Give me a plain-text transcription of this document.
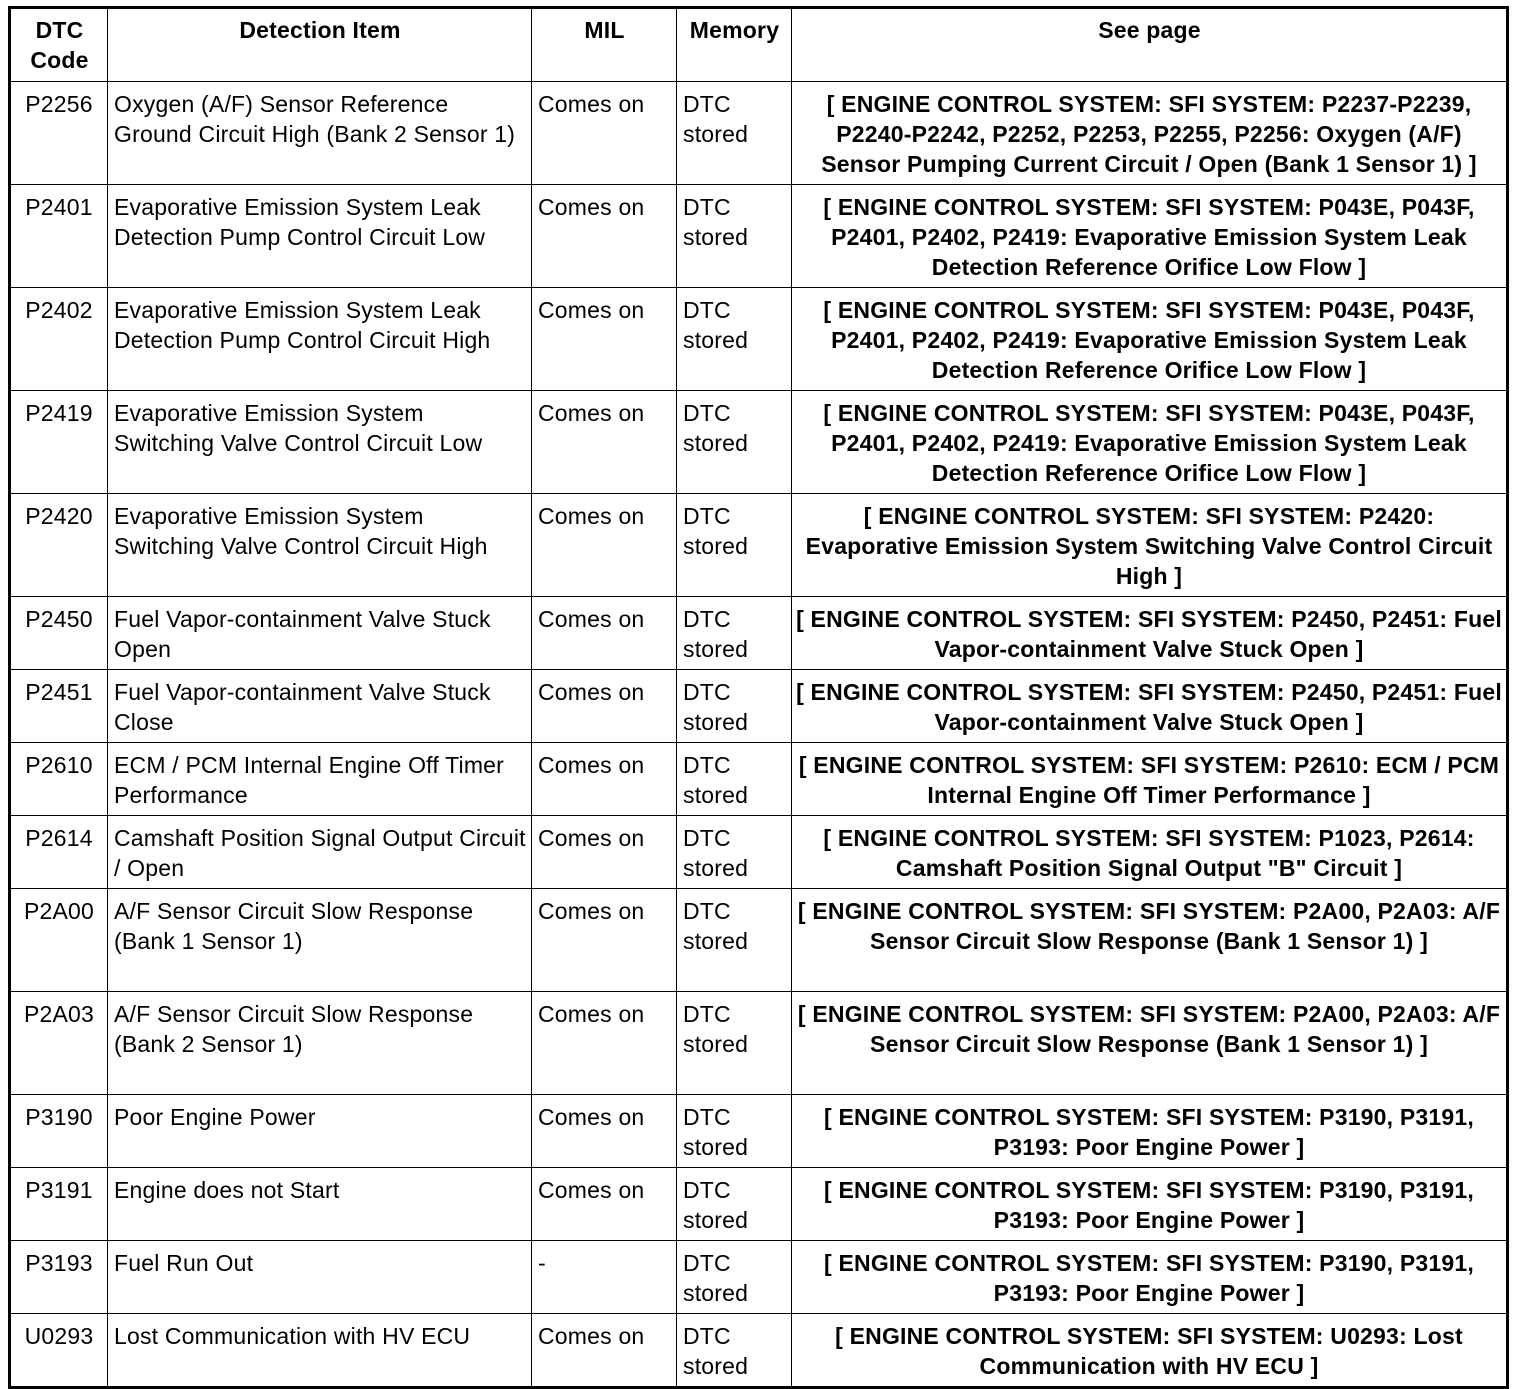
DTC Code	Detection Item	MIL	Memory	See page
P2256	Oxygen (A/F) Sensor Reference Ground Circuit High (Bank 2 Sensor 1)	Comes on	DTC stored	[ ENGINE CONTROL SYSTEM: SFI SYSTEM: P2237-P2239, P2240-P2242, P2252, P2253, P2255, P2256: Oxygen (A/F) Sensor Pumping Current Circuit / Open (Bank 1 Sensor 1) ]
P2401	Evaporative Emission System Leak Detection Pump Control Circuit Low	Comes on	DTC stored	[ ENGINE CONTROL SYSTEM: SFI SYSTEM: P043E, P043F, P2401, P2402, P2419: Evaporative Emission System Leak Detection Reference Orifice Low Flow ]
P2402	Evaporative Emission System Leak Detection Pump Control Circuit High	Comes on	DTC stored	[ ENGINE CONTROL SYSTEM: SFI SYSTEM: P043E, P043F, P2401, P2402, P2419: Evaporative Emission System Leak Detection Reference Orifice Low Flow ]
P2419	Evaporative Emission System Switching Valve Control Circuit Low	Comes on	DTC stored	[ ENGINE CONTROL SYSTEM: SFI SYSTEM: P043E, P043F, P2401, P2402, P2419: Evaporative Emission System Leak Detection Reference Orifice Low Flow ]
P2420	Evaporative Emission System Switching Valve Control Circuit High	Comes on	DTC stored	[ ENGINE CONTROL SYSTEM: SFI SYSTEM: P2420: Evaporative Emission System Switching Valve Control Circuit High ]
P2450	Fuel Vapor-containment Valve Stuck Open	Comes on	DTC stored	[ ENGINE CONTROL SYSTEM: SFI SYSTEM: P2450, P2451: Fuel Vapor-containment Valve Stuck Open ]
P2451	Fuel Vapor-containment Valve Stuck Close	Comes on	DTC stored	[ ENGINE CONTROL SYSTEM: SFI SYSTEM: P2450, P2451: Fuel Vapor-containment Valve Stuck Open ]
P2610	ECM / PCM Internal Engine Off Timer Performance	Comes on	DTC stored	[ ENGINE CONTROL SYSTEM: SFI SYSTEM: P2610: ECM / PCM Internal Engine Off Timer Performance ]
P2614	Camshaft Position Signal Output Circuit / Open	Comes on	DTC stored	[ ENGINE CONTROL SYSTEM: SFI SYSTEM: P1023, P2614: Camshaft Position Signal Output "B" Circuit ]
P2A00	A/F Sensor Circuit Slow Response (Bank 1 Sensor 1)	Comes on	DTC stored	[ ENGINE CONTROL SYSTEM: SFI SYSTEM: P2A00, P2A03: A/F Sensor Circuit Slow Response (Bank 1 Sensor 1) ]
P2A03	A/F Sensor Circuit Slow Response (Bank 2 Sensor 1)	Comes on	DTC stored	[ ENGINE CONTROL SYSTEM: SFI SYSTEM: P2A00, P2A03: A/F Sensor Circuit Slow Response (Bank 1 Sensor 1) ]
P3190	Poor Engine Power	Comes on	DTC stored	[ ENGINE CONTROL SYSTEM: SFI SYSTEM: P3190, P3191, P3193: Poor Engine Power ]
P3191	Engine does not Start	Comes on	DTC stored	[ ENGINE CONTROL SYSTEM: SFI SYSTEM: P3190, P3191, P3193: Poor Engine Power ]
P3193	Fuel Run Out	-	DTC stored	[ ENGINE CONTROL SYSTEM: SFI SYSTEM: P3190, P3191, P3193: Poor Engine Power ]
U0293	Lost Communication with HV ECU	Comes on	DTC stored	[ ENGINE CONTROL SYSTEM: SFI SYSTEM: U0293: Lost Communication with HV ECU ]
